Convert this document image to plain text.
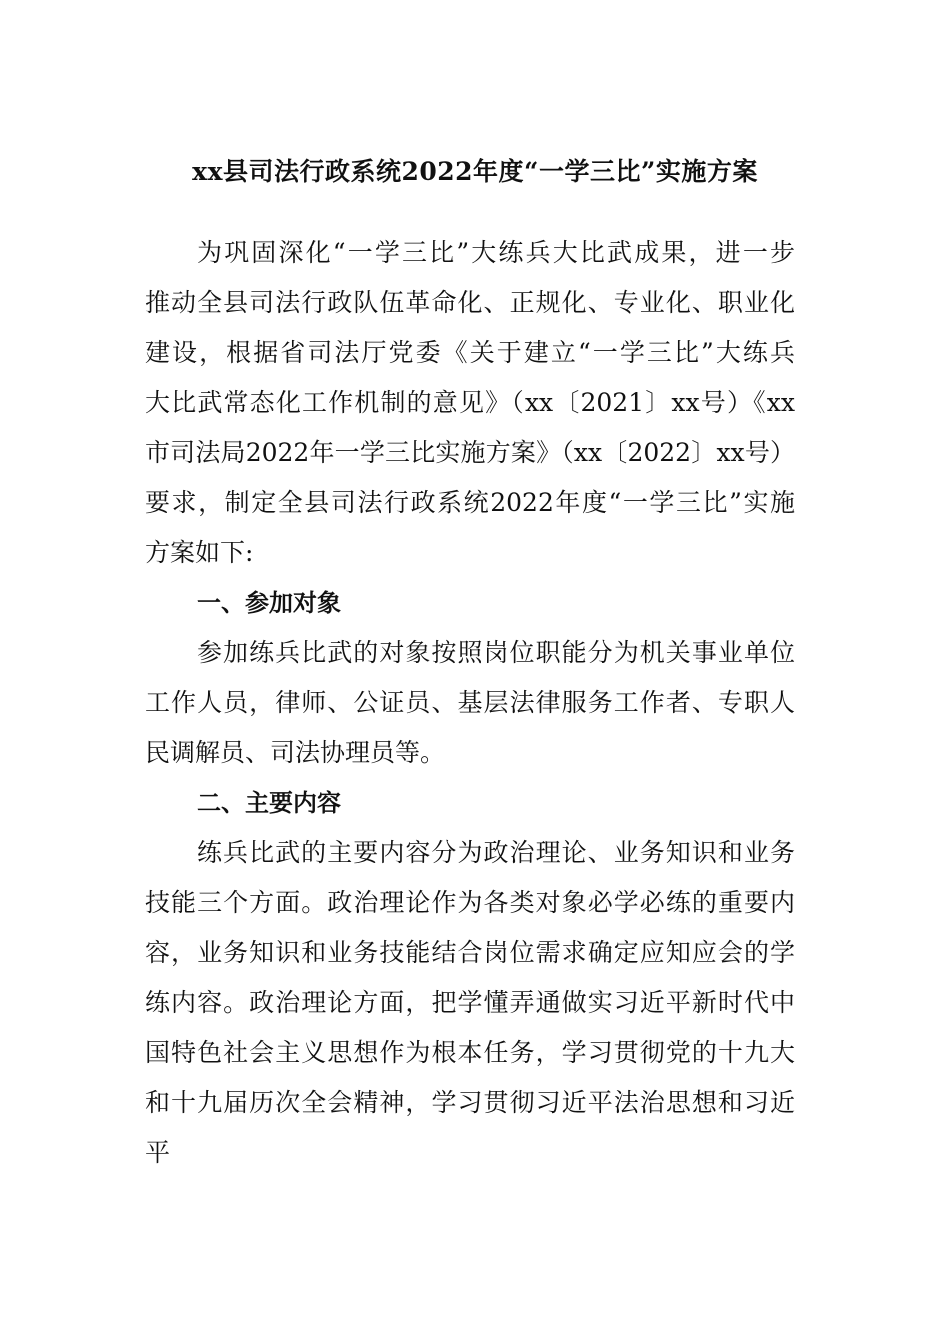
xx县司法行政系统2022年度“一学三比”实施方案
为巩固深化“一学三比”大练兵大比武成果，进一步
推动全县司法行政队伍革命化、正规化、专业化、职业化
建设，根据省司法厅党委《关于建立“一学三比”大练兵
大比武常态化工作机制的意见》（xx〔2021〕xx号）《xx
市司法局2022年一学三比实施方案》（xx〔2022〕xx号）
要求，制定全县司法行政系统2022年度“一学三比”实施
方案如下:
一、参加对象
参加练兵比武的对象按照岗位职能分为机关事业单位
工作人员，律师、公证员、基层法律服务工作者、专职人
民调解员、司法协理员等。
二、主要内容
练兵比武的主要内容分为政治理论、业务知识和业务
技能三个方面。政治理论作为各类对象必学必练的重要内
容，业务知识和业务技能结合岗位需求确定应知应会的学
练内容。政治理论方面，把学懂弄通做实习近平新时代中
国特色社会主义思想作为根本任务，学习贯彻党的十九大
和十九届历次全会精神，学习贯彻习近平法治思想和习近
平
